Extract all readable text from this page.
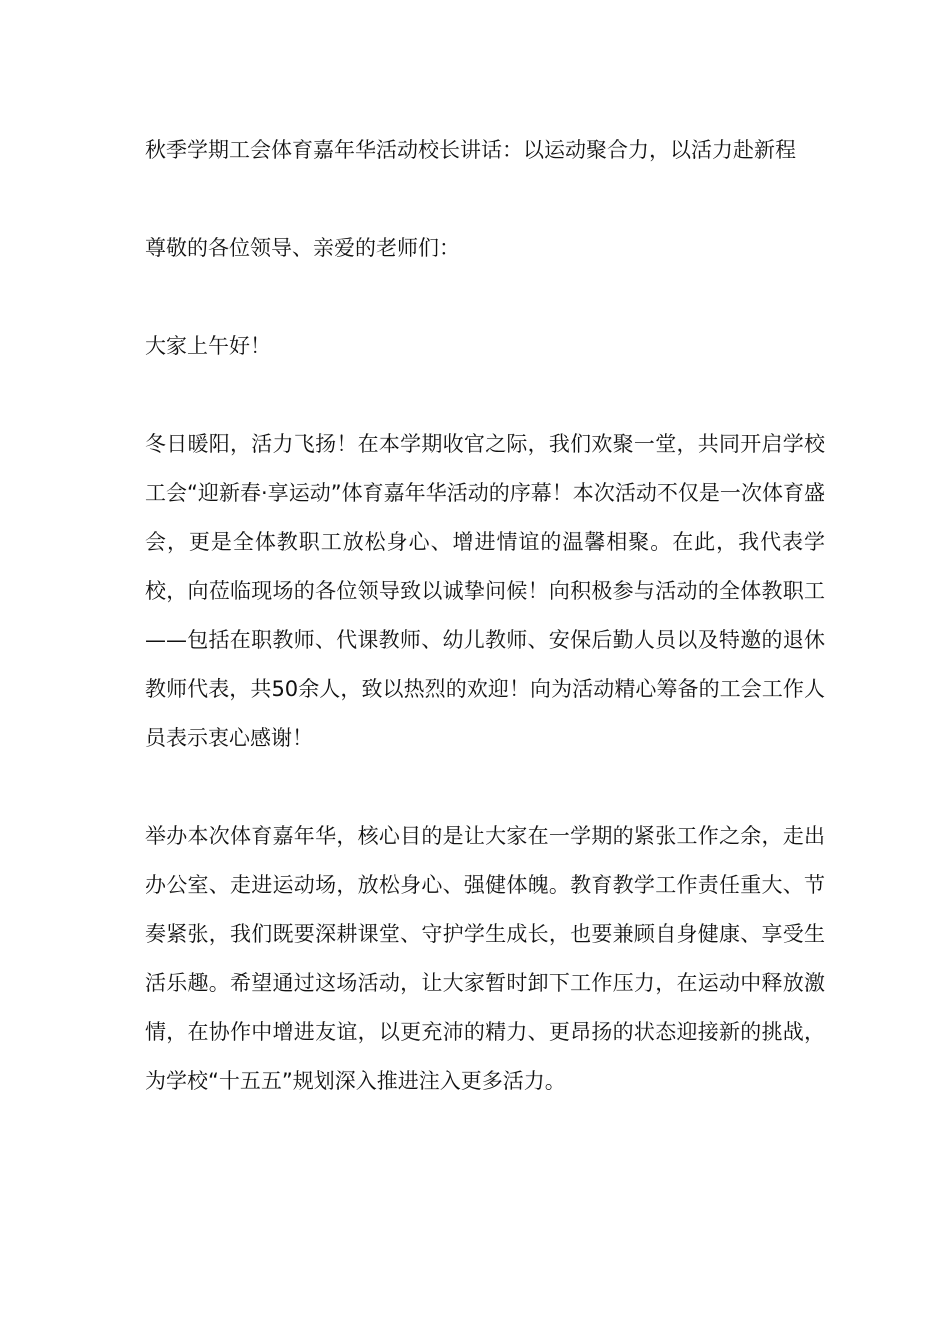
秋季学期工会体育嘉年华活动校长讲话：以运动聚合力，以活力赴新程

尊敬的各位领导、亲爱的老师们：

大家上午好！

冬日暖阳，活力飞扬！在本学期收官之际，我们欢聚一堂，共同开启学校工会“迎新春·享运动”体育嘉年华活动的序幕！本次活动不仅是一次体育盛会，更是全体教职工放松身心、增进情谊的温馨相聚。在此，我代表学校，向莅临现场的各位领导致以诚挚问候！向积极参与活动的全体教职工——包括在职教师、代课教师、幼儿教师、安保后勤人员以及特邀的退休教师代表，共50余人，致以热烈的欢迎！向为活动精心筹备的工会工作人员表示衷心感谢！

举办本次体育嘉年华，核心目的是让大家在一学期的紧张工作之余，走出办公室、走进运动场，放松身心、强健体魄。教育教学工作责任重大、节奏紧张，我们既要深耕课堂、守护学生成长，也要兼顾自身健康、享受生活乐趣。希望通过这场活动，让大家暂时卸下工作压力，在运动中释放激情，在协作中增进友谊，以更充沛的精力、更昂扬的状态迎接新的挑战，为学校“十五五”规划深入推进注入更多活力。
